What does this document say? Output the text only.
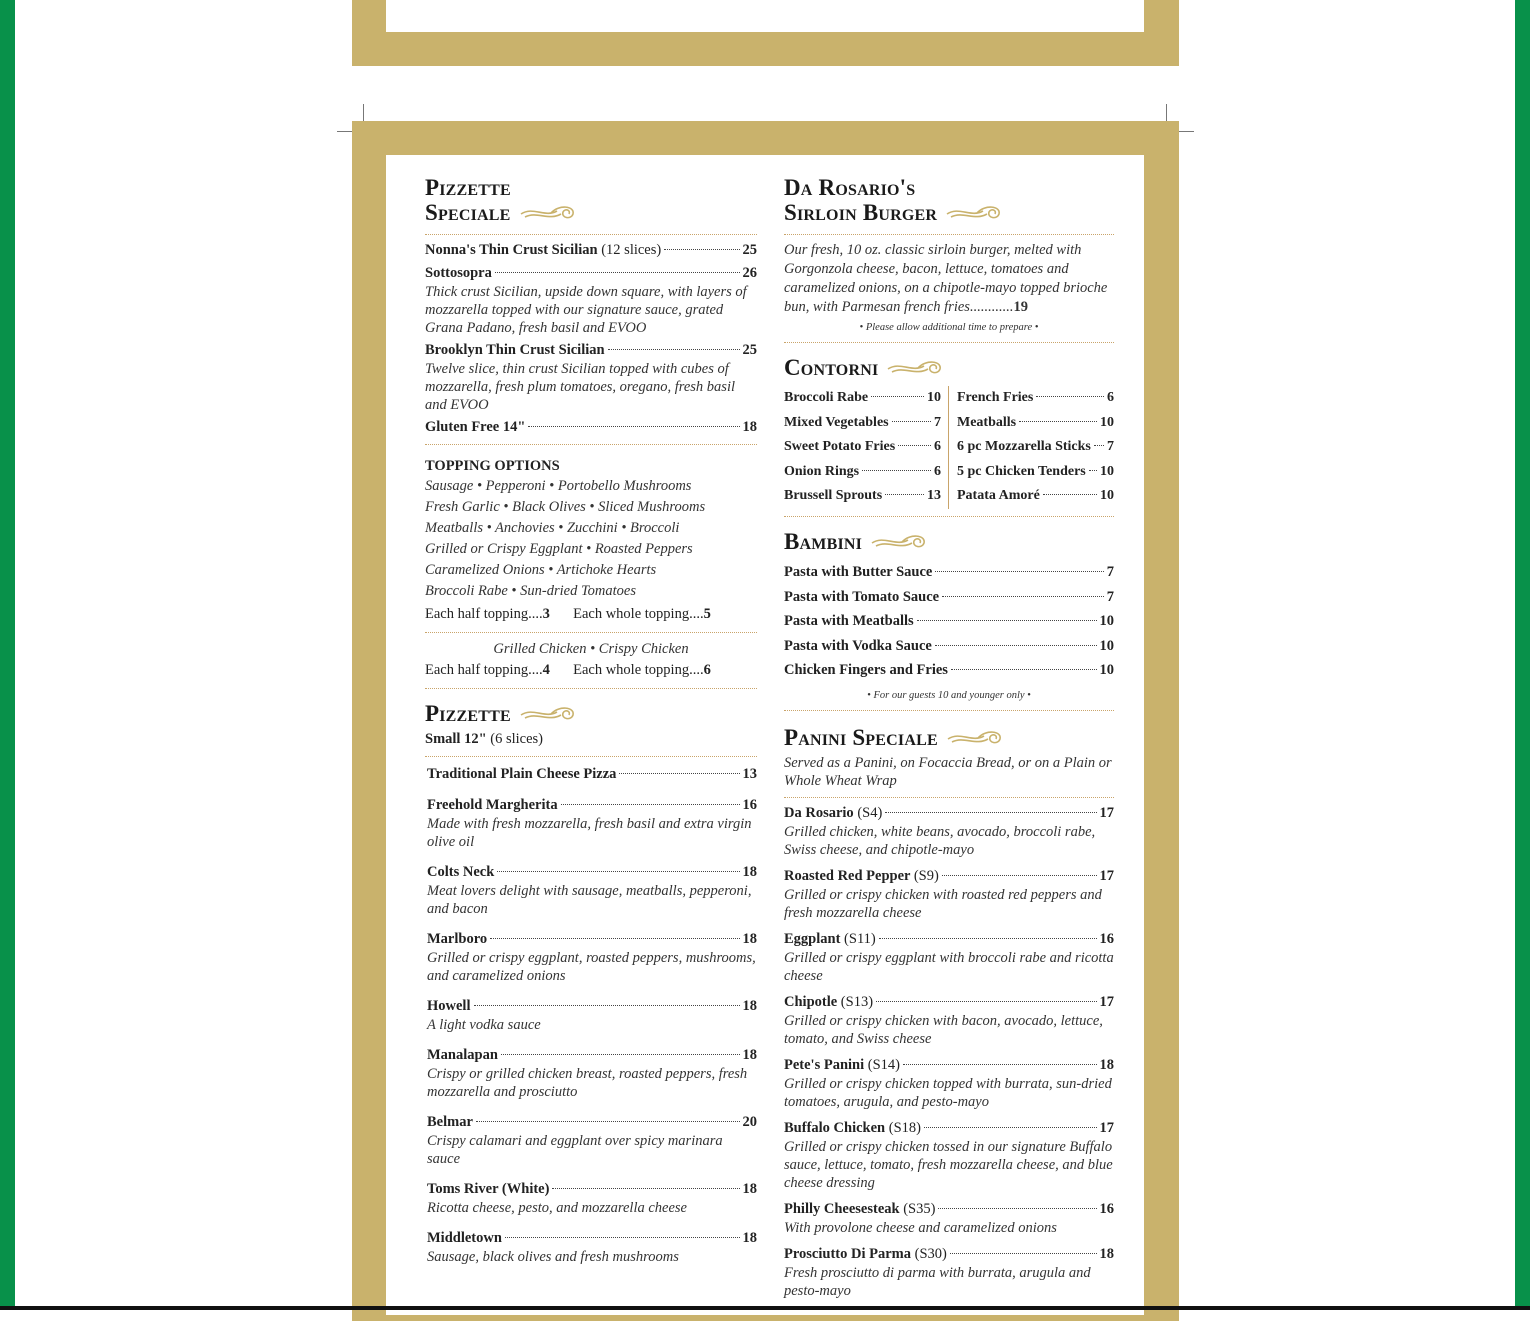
Pizzette
Speciale
Nonna's Thin Crust Sicilian (12 slices)	25
Sottosopra	26
Thick crust Sicilian, upside down square, with layers of mozzarella topped with our signature sauce, grated Grana Padano, fresh basil and EVOO
Brooklyn Thin Crust Sicilian	25
Twelve slice, thin crust Sicilian topped with cubes of mozzarella, fresh plum tomatoes, oregano, fresh basil and EVOO
Gluten Free 14"	18
TOPPING OPTIONS
Sausage • Pepperoni • Portobello Mushrooms
Fresh Garlic • Black Olives • Sliced Mushrooms
Meatballs • Anchovies • Zucchini • Broccoli
Grilled or Crispy Eggplant • Roasted Peppers
Caramelized Onions • Artichoke Hearts
Broccoli Rabe • Sun-dried Tomatoes
Each half topping....3 Each whole topping....5
Grilled Chicken • Crispy Chicken
Each half topping....4 Each whole topping....6
Pizzette
Small 12" (6 slices)
Traditional Plain Cheese Pizza	13
Freehold Margherita	16
Made with fresh mozzarella, fresh basil and extra virgin olive oil
Colts Neck	18
Meat lovers delight with sausage, meatballs, pepperoni, and bacon
Marlboro	18
Grilled or crispy eggplant, roasted peppers, mushrooms, and caramelized onions
Howell	18
A light vodka sauce
Manalapan	18
Crispy or grilled chicken breast, roasted peppers, fresh mozzarella and prosciutto
Belmar	20
Crispy calamari and eggplant over spicy marinara sauce
Toms River (White)	18
Ricotta cheese, pesto, and mozzarella cheese
Middletown	18
Sausage, black olives and fresh mushrooms
Da Rosario's
Sirloin Burger
Our fresh, 10 oz. classic sirloin burger, melted with Gorgonzola cheese, bacon, lettuce, tomatoes and caramelized onions, on a chipotle-mayo topped brioche bun, with Parmesan french fries............19
• Please allow additional time to prepare •
Contorni
Broccoli Rabe	10
Mixed Vegetables	7
Sweet Potato Fries	6
Onion Rings	6
Brussell Sprouts	13
French Fries	6
Meatballs	10
6 pc Mozzarella Sticks 7
5 pc Chicken Tenders 10
Patata Amoré	10
Bambini
Pasta with Butter Sauce	7
Pasta with Tomato Sauce	7
Pasta with Meatballs	10
Pasta with Vodka Sauce	10
Chicken Fingers and Fries	10
• For our guests 10 and younger only •
Panini Speciale
Served as a Panini, on Focaccia Bread, or on a Plain or Whole Wheat Wrap
Da Rosario (S4)	17
Grilled chicken, white beans, avocado, broccoli rabe, Swiss cheese, and chipotle-mayo
Roasted Red Pepper (S9)	17
Grilled or crispy chicken with roasted red peppers and fresh mozzarella cheese
Eggplant (S11)	16
Grilled or crispy eggplant with broccoli rabe and ricotta cheese
Chipotle (S13)	17
Grilled or crispy chicken with bacon, avocado, lettuce, tomato, and Swiss cheese
Pete's Panini (S14)	18
Grilled or crispy chicken topped with burrata, sun-dried tomatoes, arugula, and pesto-mayo
Buffalo Chicken (S18)	17
Grilled or crispy chicken tossed in our signature Buffalo sauce, lettuce, tomato, fresh mozzarella cheese, and blue cheese dressing
Philly Cheesesteak (S35)	16
With provolone cheese and caramelized onions
Prosciutto Di Parma (S30)	18
Fresh prosciutto di parma with burrata, arugula and pesto-mayo
